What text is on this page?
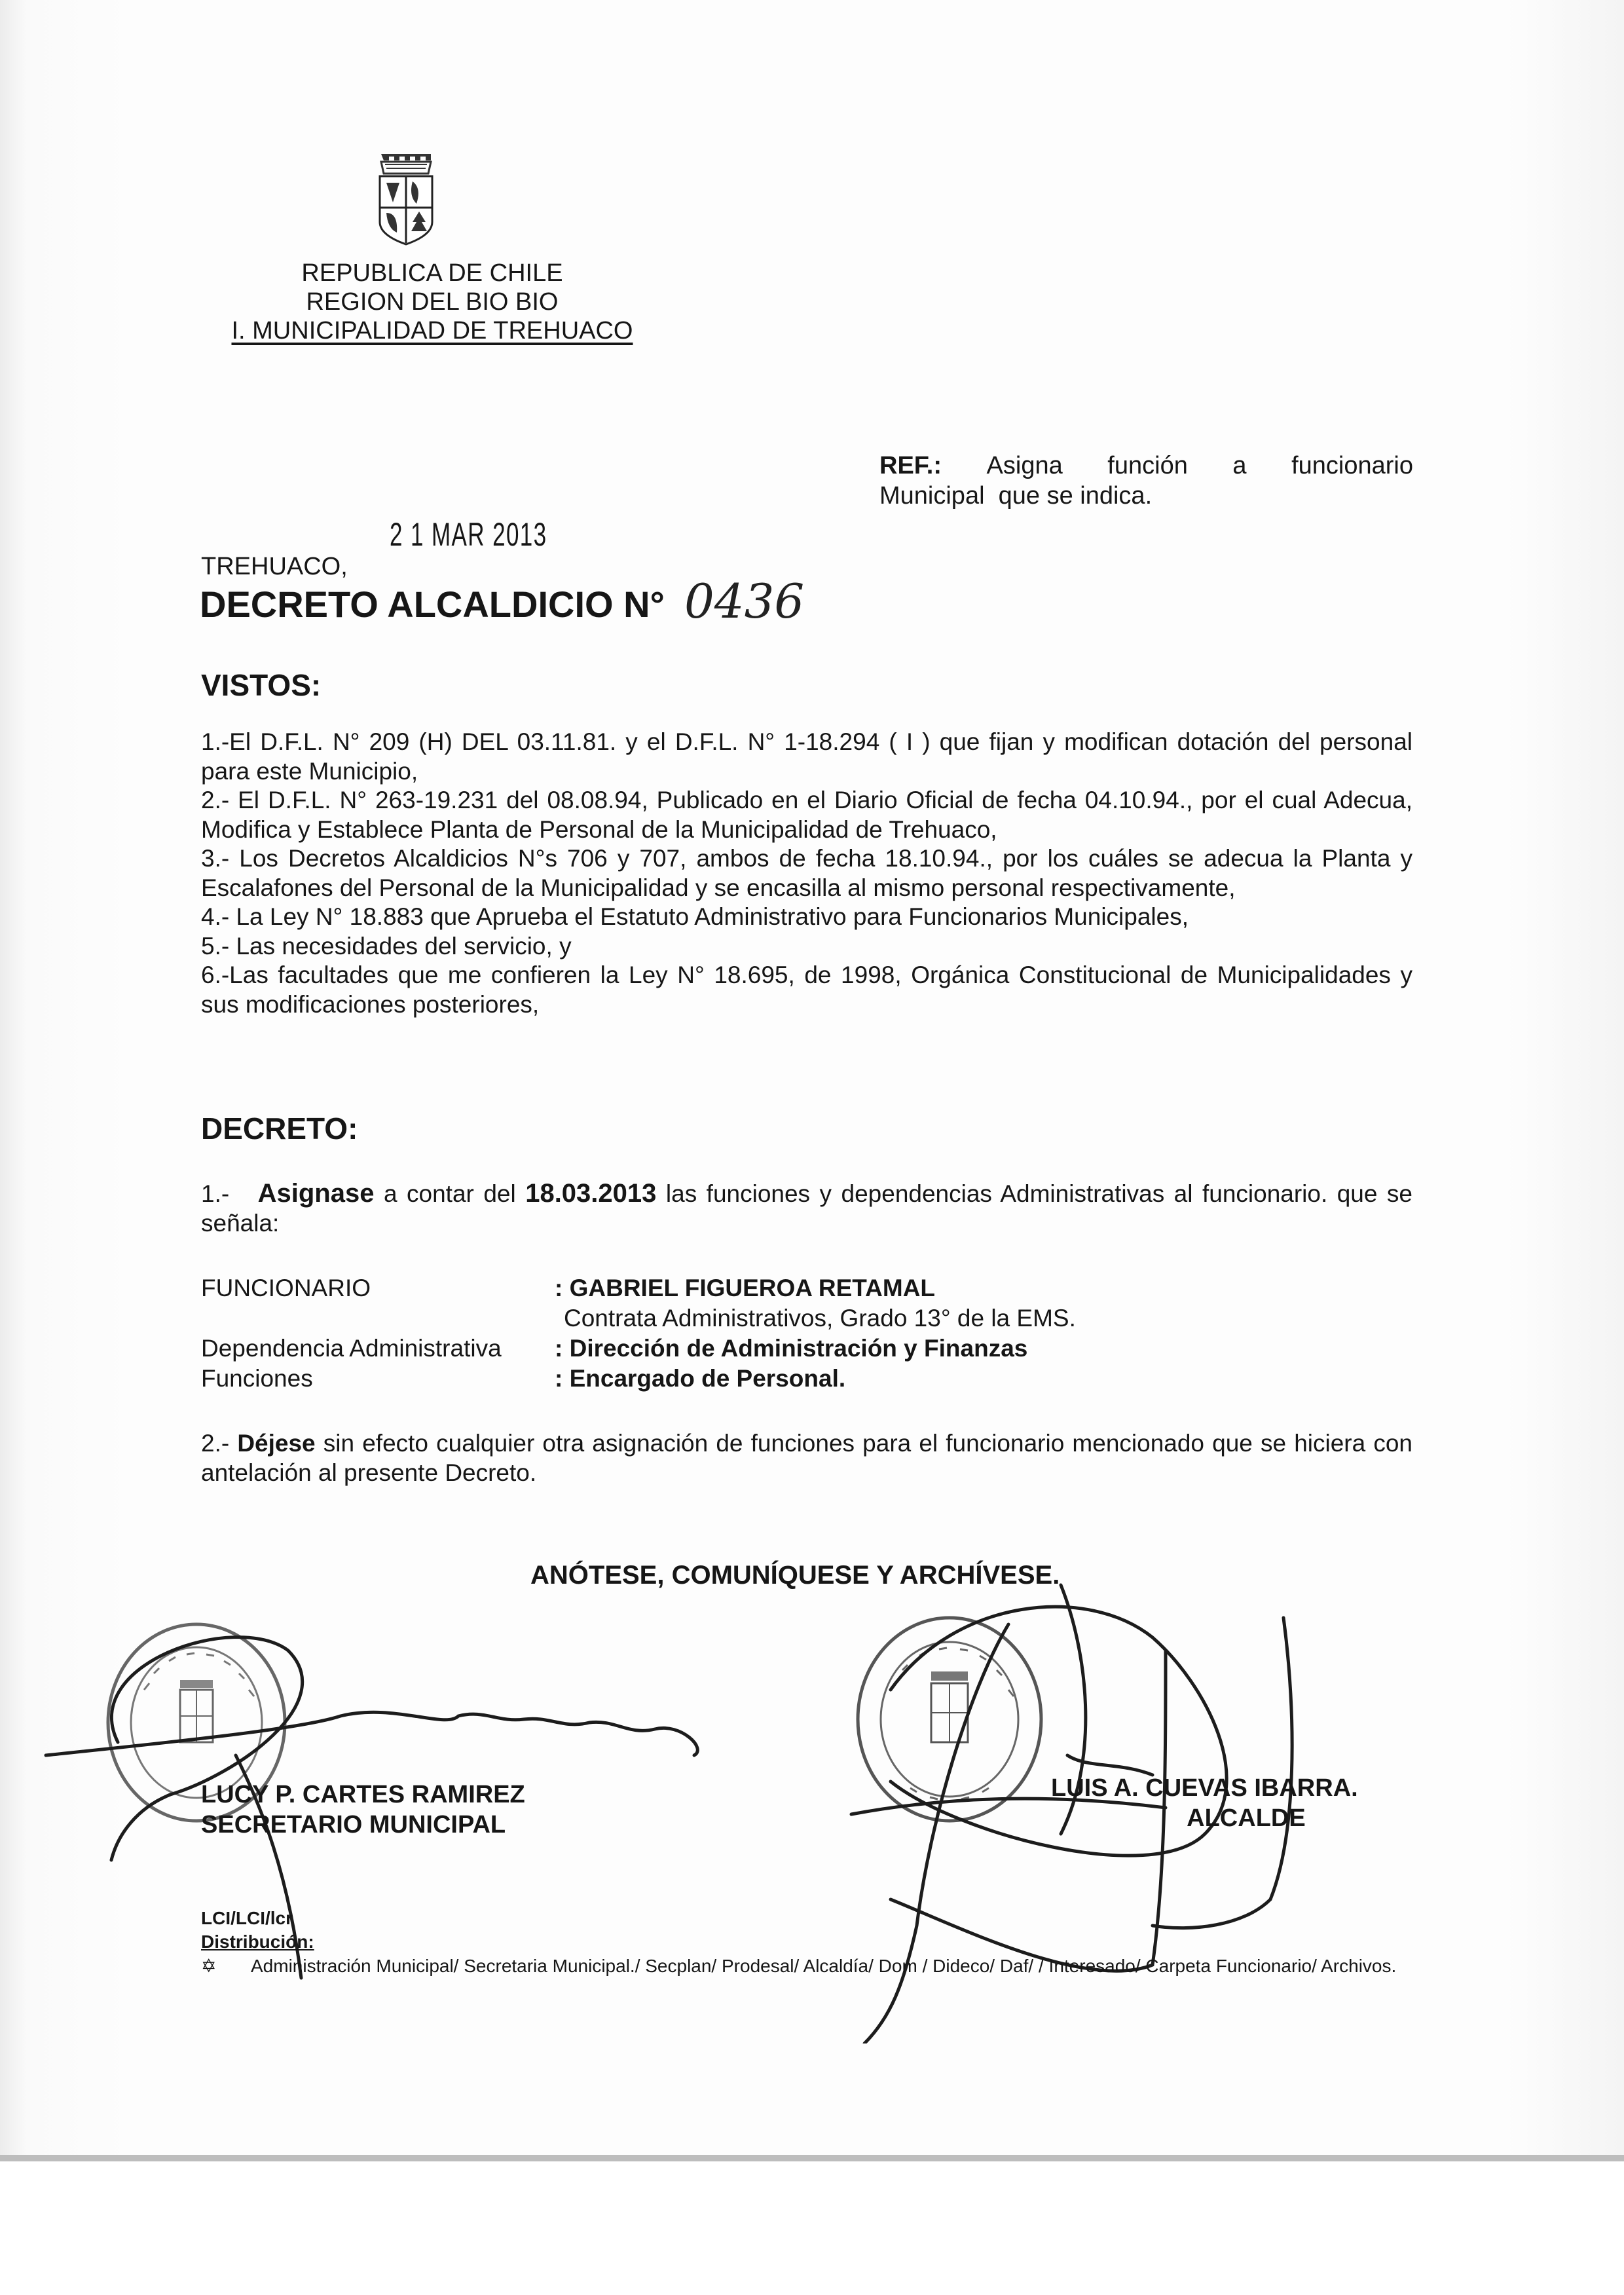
REPUBLICA DE CHILE
REGION DEL BIO BIO
I. MUNICIPALIDAD DE TREHUACO
REF.: Asigna función a funcionario
Municipal  que se indica.
2 1 MAR 2013
TREHUACO,
DECRETO ALCALDICIO N° 0436
VISTOS:

1.-El D.F.L. N° 209 (H) DEL 03.11.81. y el D.F.L. N° 1-18.294 ( I ) que fijan y modifican dotación del personal para este Municipio,

2.- El D.F.L. N° 263-19.231 del 08.08.94, Publicado en el Diario Oficial de fecha 04.10.94., por el cual Adecua, Modifica y Establece Planta de Personal de la Municipalidad de Trehuaco,

3.- Los Decretos Alcaldicios N°s 706 y 707, ambos de fecha 18.10.94., por los cuáles se adecua la Planta y Escalafones del Personal de la Municipalidad y se encasilla al mismo personal respectivamente,

4.- La Ley N° 18.883 que Aprueba el Estatuto Administrativo para Funcionarios Municipales,

5.- Las necesidades del servicio, y

6.-Las facultades que me confieren la Ley N° 18.695, de 1998, Orgánica Constitucional de Municipalidades y sus modificaciones posteriores,

DECRETO:
1.- Asignase a contar del 18.03.2013 las funciones y dependencias Administrativas al funcionario. que se señala:
FUNCIONARIO	: GABRIEL FIGUEROA RETAMAL
Contrata Administrativos, Grado 13° de la EMS.
Dependencia Administrativa	: Dirección de Administración y Finanzas
Funciones	: Encargado de Personal.
2.- Déjese sin efecto cualquier otra asignación de funciones para el funcionario mencionado que se hiciera con antelación al presente Decreto.
ANÓTESE, COMUNÍQUESE Y ARCHÍVESE.
LUCY P. CARTES RAMIREZ
SECRETARIO MUNICIPAL
LUIS A. CUEVAS IBARRA.
ALCALDE
LCI/LCI/lcr
Distribución:
✡	Administración Municipal/ Secretaria Municipal./ Secplan/ Prodesal/ Alcaldía/ Dom / Dideco/ Daf/ / Interesado/ Carpeta Funcionario/ Archivos.
